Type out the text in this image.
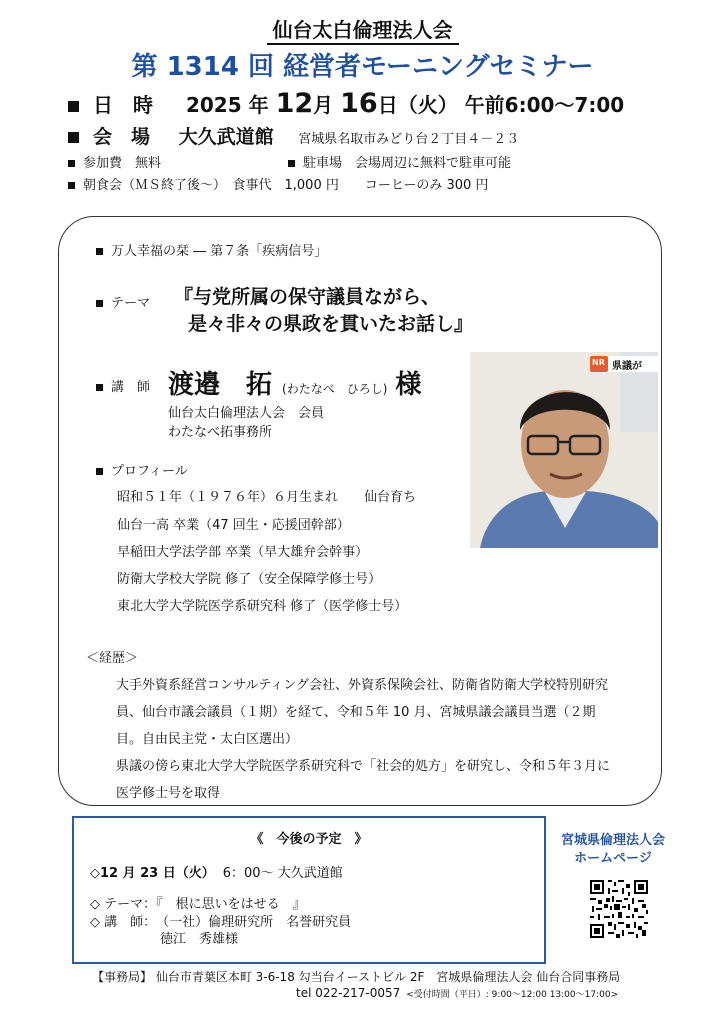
仙台太白倫理法人会
第 1314 回 経営者モーニングセミナー
日　時 2025 年 12月 16日（火） 午前6:00～7:00
会　場 大久武道館 宮城県名取市みどり台２丁目４－２３
参加費　無料	駐車場　会場周辺に無料で駐車可能
朝食会（ＭＳ終了後～）　食事代　1,000 円　　コーヒーのみ 300 円
万人幸福の栞 ― 第７条「疾病信号」
テーマ 『与党所属の保守議員ながら、
是々非々の県政を貫いたお話し』
講　師 渡邉　拓 (わたなべ　ひろし) 様
仙台太白倫理法人会　会員
わたなべ拓事務所
NR 県議が
プロフィール
昭和５１年（１９７６年）６月生まれ　　仙台育ち
仙台一高 卒業（47 回生・応援団幹部）
早稲田大学法学部 卒業（早大雄弁会幹事）
防衛大学校大学院 修了（安全保障学修士号）
東北大学大学院医学系研究科 修了（医学修士号）
＜経歴＞
大手外資系経営コンサルティング会社、外資系保険会社、防衛省防衛大学校特別研究
員、仙台市議会議員（１期）を経て、令和５年 10 月、宮城県議会議員当選（２期
目。自由民主党・太白区選出）
県議の傍ら東北大学大学院医学系研究科で「社会的処方」を研究し、令和５年３月に
医学修士号を取得
《　今後の予定　》
◇12 月 23 日（火） 6：00～ 大久武道館
◇ テーマ：『　根に思いをはせる　』
◇ 講　師：　（一社）倫理研究所　名誉研究員
徳江　秀雄様
宮城県倫理法人会
ホームページ
【事務局】 仙台市青葉区本町 3-6-18 勾当台イーストビル 2F　宮城県倫理法人会 仙台合同事務局
tel 022-217-0057 <受付時間（平日）: 9:00～12:00 13:00～17:00>
